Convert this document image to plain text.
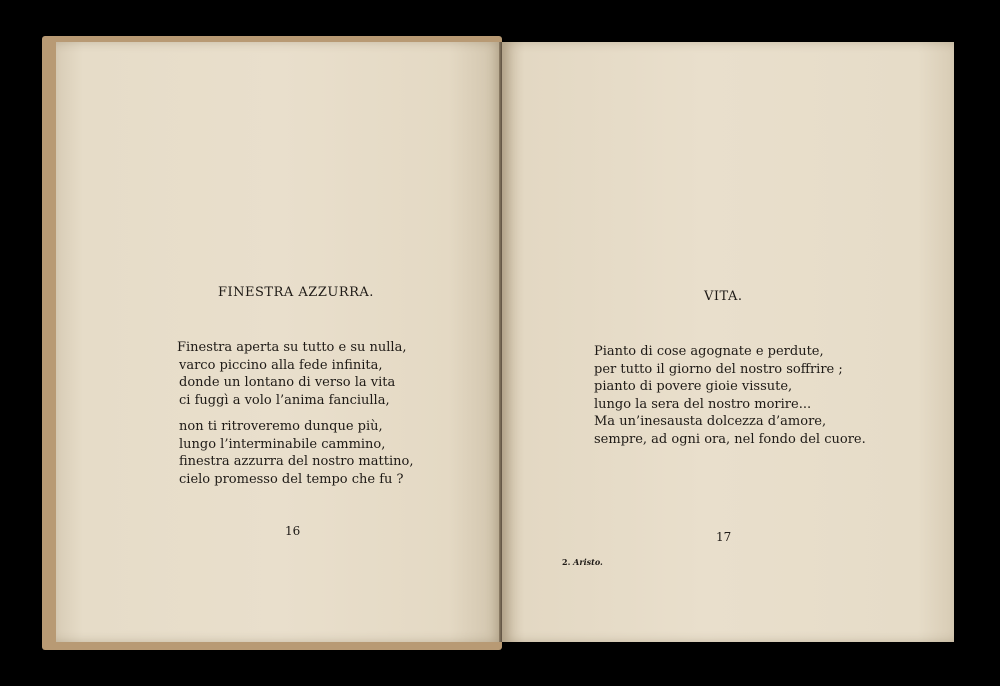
FINESTRA AZZURRA.
Finestra aperta su tutto e su nulla,
varco piccino alla fede infinita,
donde un lontano di verso la vita
ci fuggì a volo l’anima fanciulla,
non ti ritroveremo dunque più,
lungo l’interminabile cammino,
finestra azzurra del nostro mattino,
cielo promesso del tempo che fu ?
16
VITA.
Pianto di cose agognate e perdute,
per tutto il giorno del nostro soffrire ;
pianto di povere gioie vissute,
lungo la sera del nostro morire...
Ma un’inesausta dolcezza d’amore,
sempre, ad ogni ora, nel fondo del cuore.
17
2. Aristo.
